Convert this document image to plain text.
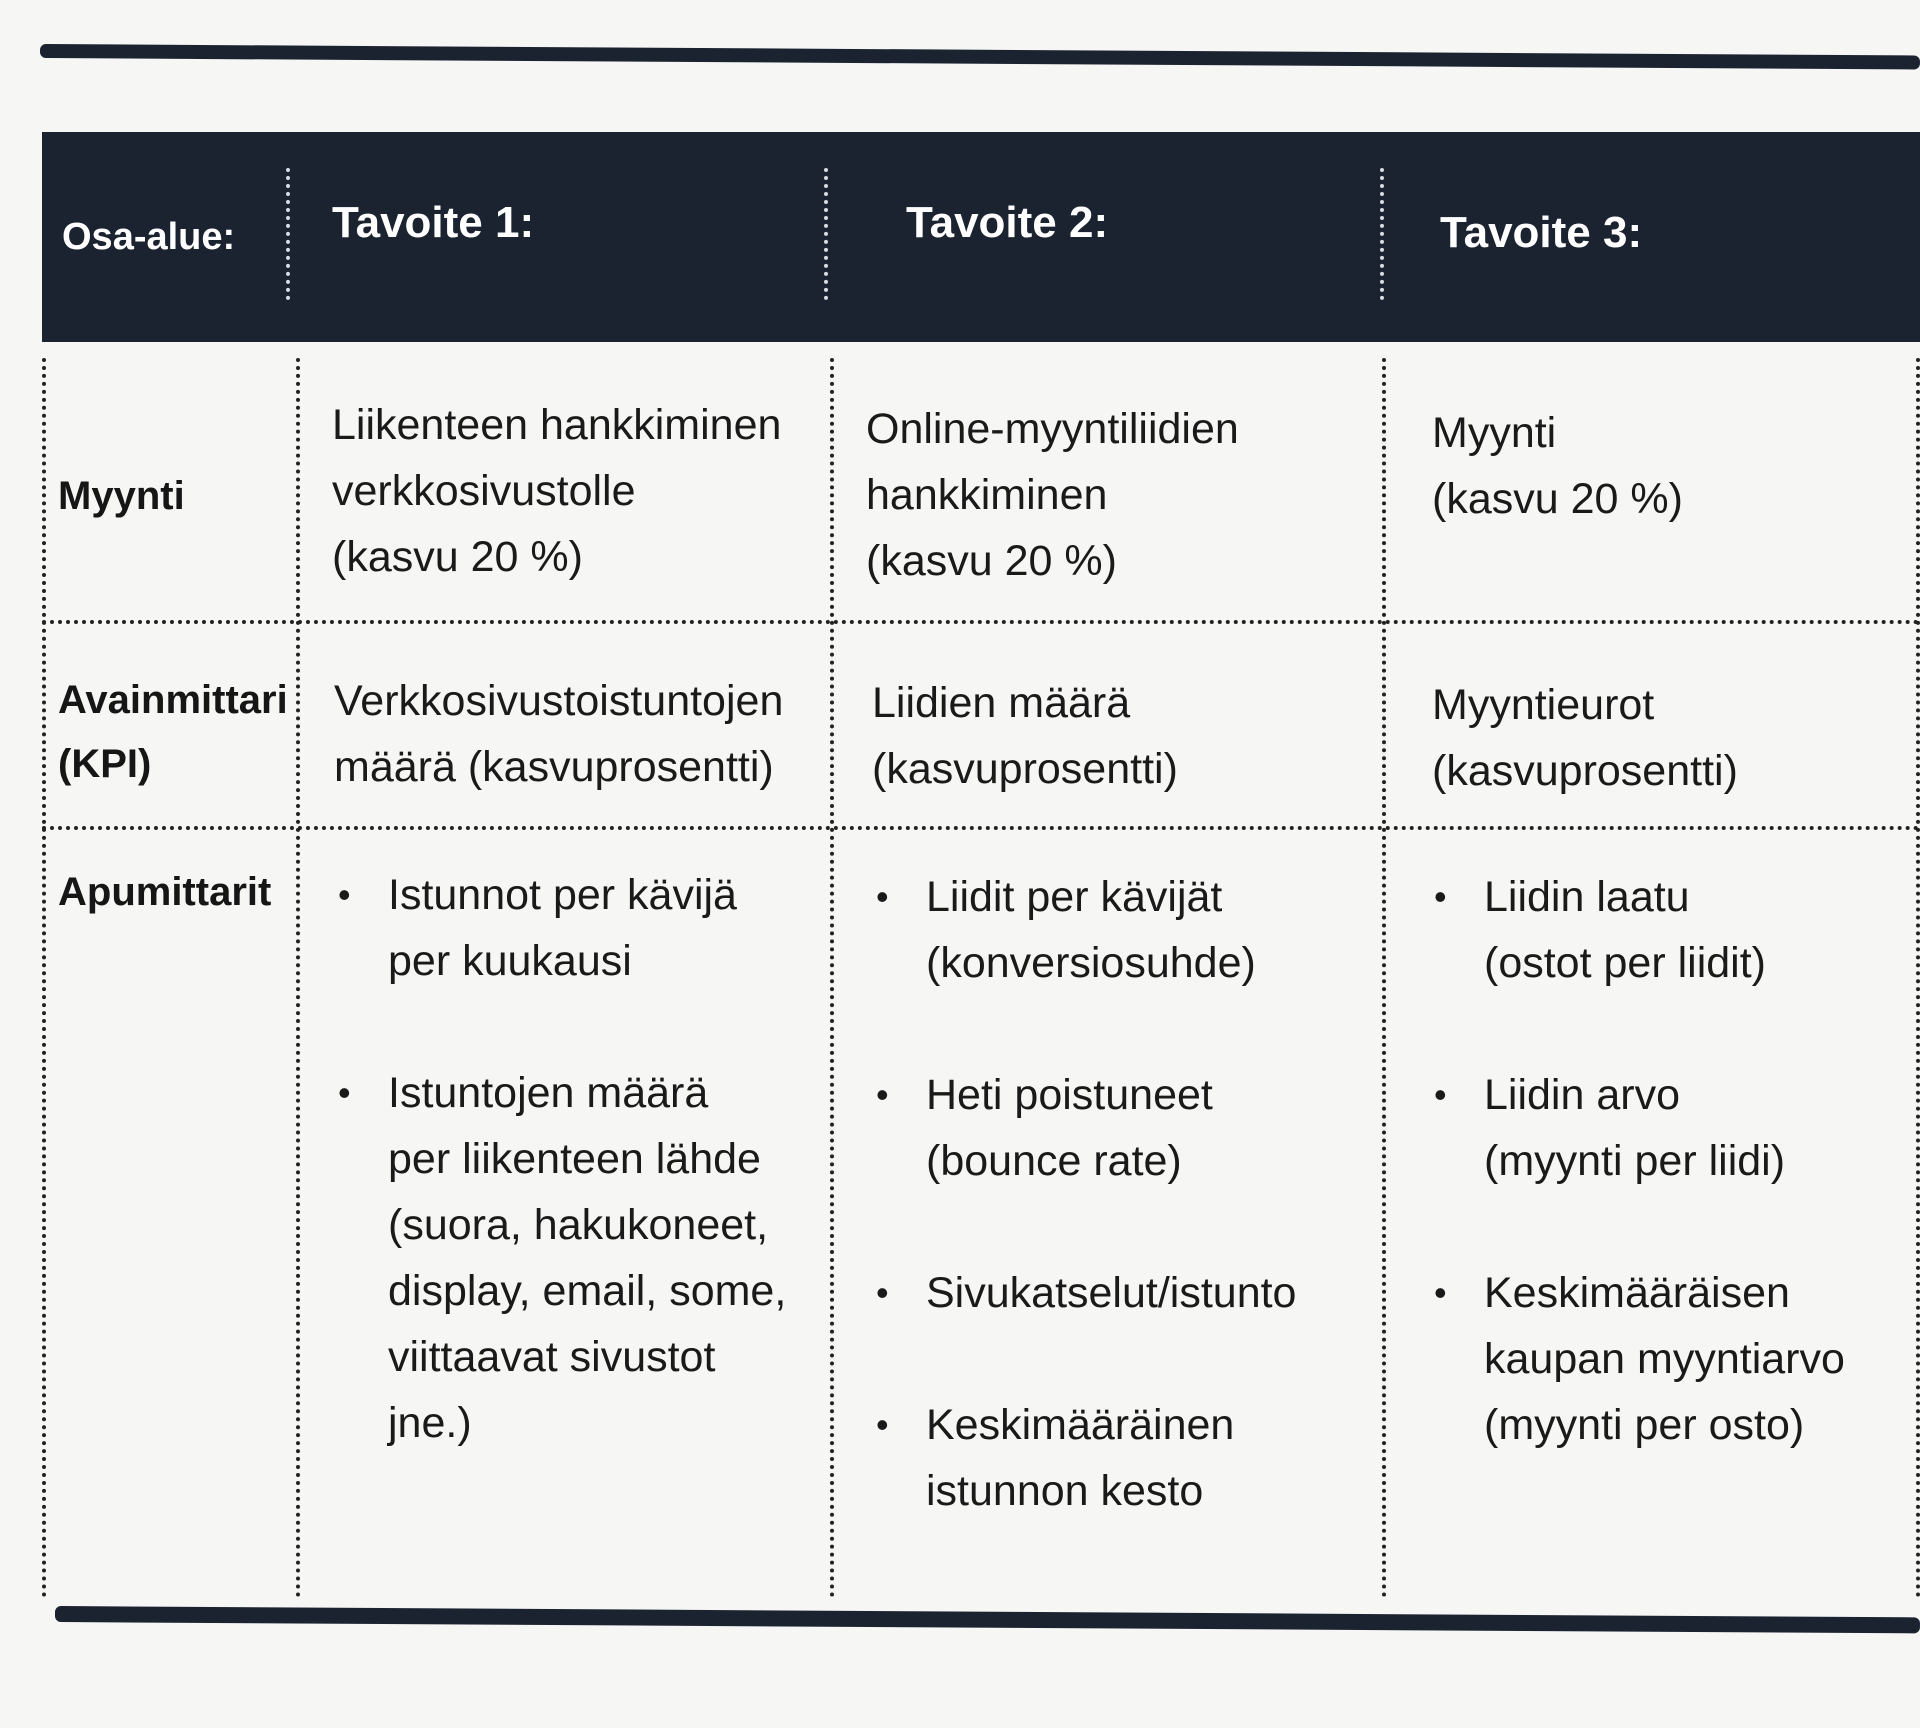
Osa-alue:	Tavoite 1:	Tavoite 2:	Tavoite 3:
Myynti
Liikenteen hankkiminen
verkkosivustolle
(kasvu 20 %)
Online-myyntiliidien
hankkiminen
(kasvu 20 %)
Myynti
(kasvu 20 %)
Avainmittari
(KPI)
Verkkosivustoistuntojen
määrä (kasvuprosentti)
Liidien määrä
(kasvuprosentti)
Myyntieurot
(kasvuprosentti)
Apumittarit
•	Istunnot per kävijä
per kuukausi
• Istuntojen määrä
per liikenteen lähde
(suora, hakukoneet,
display, email, some,
viittaavat sivustot
jne.)
• Liidit per kävijät
(konversiosuhde)
• Heti poistuneet
(bounce rate)
• Sivukatselut/istunto
• Keskimääräinen
istunnon kesto
• Liidin laatu
(ostot per liidit)
• Liidin arvo
(myynti per liidi)
• Keskimääräisen
kaupan myyntiarvo
(myynti per osto)
